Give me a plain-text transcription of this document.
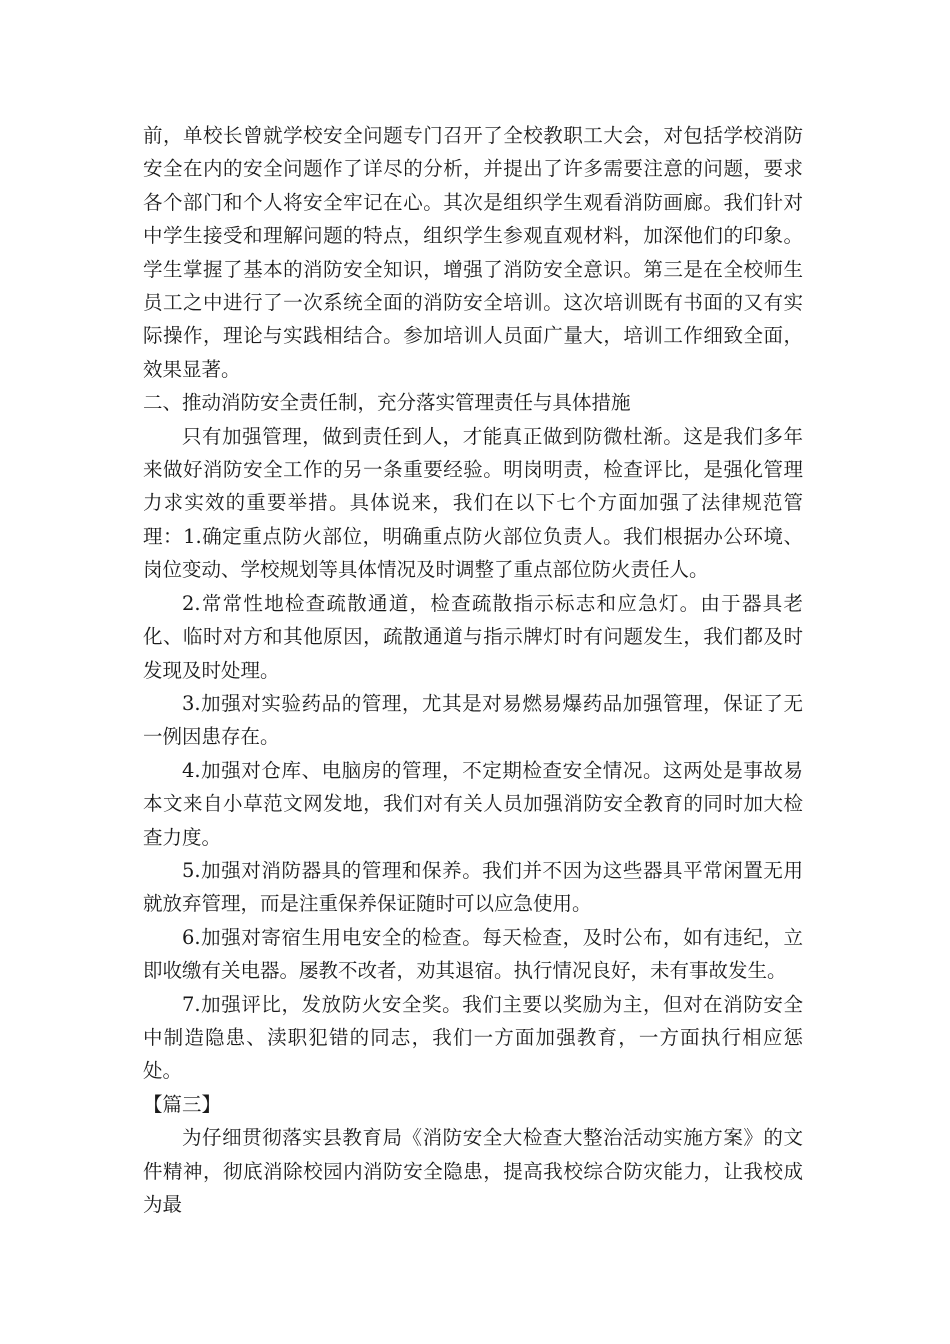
前，单校长曾就学校安全问题专门召开了全校教职工大会，对包括学校消防安全在内的安全问题作了详尽的分析，并提出了许多需要注意的问题，要求各个部门和个人将安全牢记在心。其次是组织学生观看消防画廊。我们针对中学生接受和理解问题的特点，组织学生参观直观材料，加深他们的印象。学生掌握了基本的消防安全知识，增强了消防安全意识。第三是在全校师生员工之中进行了一次系统全面的消防安全培训。这次培训既有书面的又有实际操作，理论与实践相结合。参加培训人员面广量大，培训工作细致全面，效果显著。

二、推动消防安全责任制，充分落实管理责任与具体措施

只有加强管理，做到责任到人，才能真正做到防微杜渐。这是我们多年来做好消防安全工作的另一条重要经验。明岗明责，检查评比，是强化管理力求实效的重要举措。具体说来，我们在以下七个方面加强了法律规范管理：1.确定重点防火部位，明确重点防火部位负责人。我们根据办公环境、岗位变动、学校规划等具体情况及时调整了重点部位防火责任人。

2.常常性地检查疏散通道，检查疏散指示标志和应急灯。由于器具老化、临时对方和其他原因，疏散通道与指示牌灯时有问题发生，我们都及时发现及时处理。

3.加强对实验药品的管理，尤其是对易燃易爆药品加强管理，保证了无一例因患存在。

4.加强对仓库、电脑房的管理，不定期检查安全情况。这两处是事故易本文来自小草范文网发地，我们对有关人员加强消防安全教育的同时加大检查力度。

5.加强对消防器具的管理和保养。我们并不因为这些器具平常闲置无用就放弃管理，而是注重保养保证随时可以应急使用。

6.加强对寄宿生用电安全的检查。每天检查，及时公布，如有违纪，立即收缴有关电器。屡教不改者，劝其退宿。执行情况良好，未有事故发生。

7.加强评比，发放防火安全奖。我们主要以奖励为主，但对在消防安全中制造隐患、渎职犯错的同志，我们一方面加强教育，一方面执行相应惩处。

【篇三】

为仔细贯彻落实县教育局《消防安全大检查大整治活动实施方案》的文件精神，彻底消除校园内消防安全隐患，提高我校综合防灾能力，让我校成为最
